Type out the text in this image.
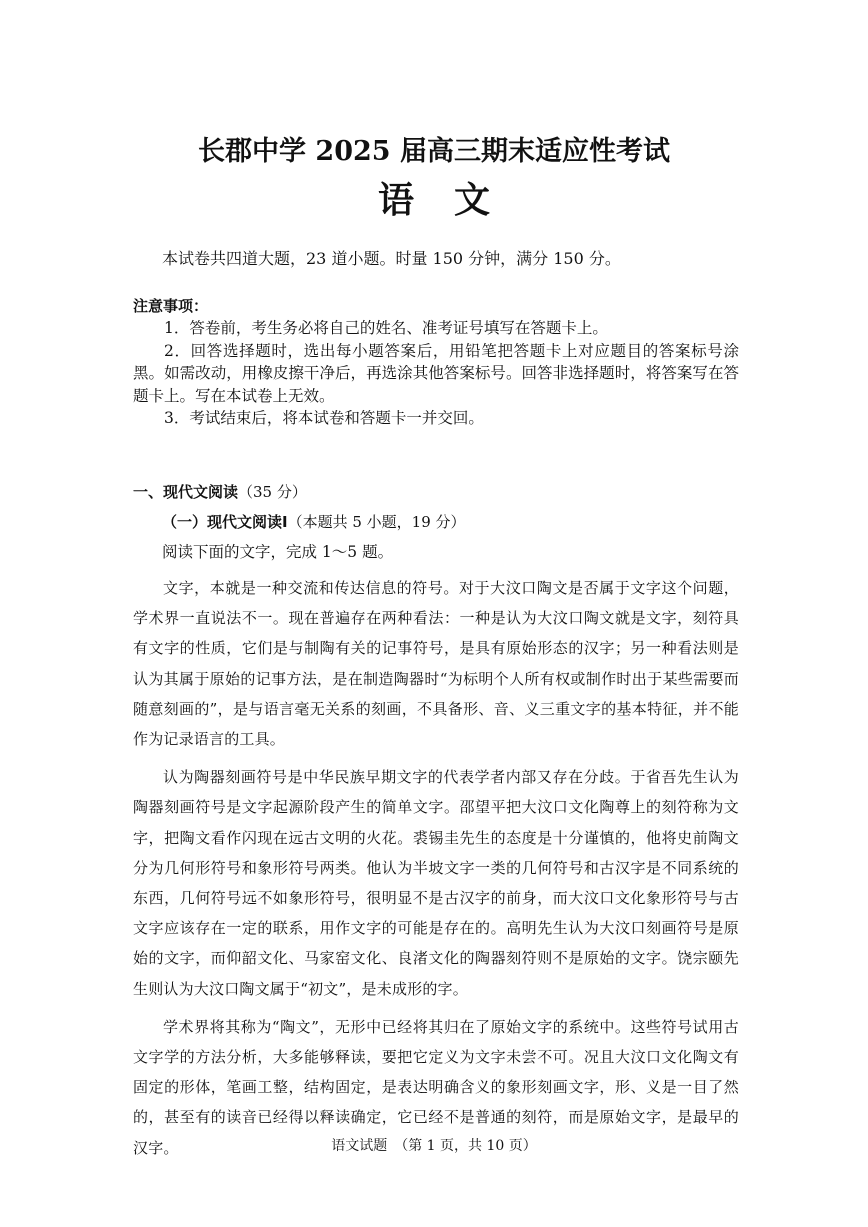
长郡中学 2025 届高三期末适应性考试
语 文
本试卷共四道大题，23 道小题。时量 150 分钟，满分 150 分。
注意事项：

1．答卷前，考生务必将自己的姓名、准考证号填写在答题卡上。

2．回答选择题时，选出每小题答案后，用铅笔把答题卡上对应题目的答案标号涂黑。如需改动，用橡皮擦干净后，再选涂其他答案标号。回答非选择题时，将答案写在答题卡上。写在本试卷上无效。

3．考试结束后，将本试卷和答题卡一并交回。

一、现代文阅读（35 分）
（一）现代文阅读Ⅰ（本题共 5 小题，19 分）
阅读下面的文字，完成 1～5 题。

文字，本就是一种交流和传达信息的符号。对于大汶口陶文是否属于文字这个问题，学术界一直说法不一。现在普遍存在两种看法：一种是认为大汶口陶文就是文字，刻符具有文字的性质，它们是与制陶有关的记事符号，是具有原始形态的汉字；另一种看法则是认为其属于原始的记事方法，是在制造陶器时“为标明个人所有权或制作时出于某些需要而随意刻画的”，是与语言毫无关系的刻画，不具备形、音、义三重文字的基本特征，并不能作为记录语言的工具。

认为陶器刻画符号是中华民族早期文字的代表学者内部又存在分歧。于省吾先生认为陶器刻画符号是文字起源阶段产生的简单文字。邵望平把大汶口文化陶尊上的刻符称为文字，把陶文看作闪现在远古文明的火花。裘锡圭先生的态度是十分谨慎的，他将史前陶文分为几何形符号和象形符号两类。他认为半坡文字一类的几何符号和古汉字是不同系统的东西，几何符号远不如象形符号，很明显不是古汉字的前身，而大汶口文化象形符号与古文字应该存在一定的联系，用作文字的可能是存在的。高明先生认为大汶口刻画符号是原始的文字，而仰韶文化、马家窑文化、良渚文化的陶器刻符则不是原始的文字。饶宗颐先生则认为大汶口陶文属于“初文”，是未成形的字。

学术界将其称为“陶文”，无形中已经将其归在了原始文字的系统中。这些符号试用古文字学的方法分析，大多能够释读，要把它定义为文字未尝不可。况且大汶口文化陶文有固定的形体，笔画工整，结构固定，是表达明确含义的象形刻画文字，形、义是一目了然的，甚至有的读音已经得以释读确定，它已经不是普通的刻符，而是原始文字，是最早的汉字。	语文试题　（第 1 页，共 10 页）
